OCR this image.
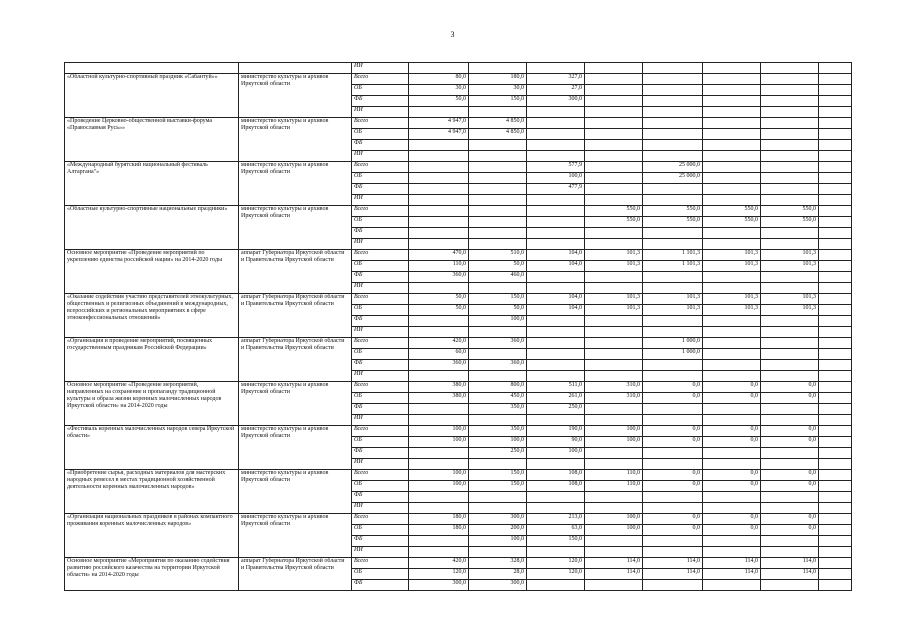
3
		ИИ								
«Областной культурно-спортивный праздник «Сабантуй»»	министерство культуры и архивов Иркутской области	Всего	80,0	180,0	327,0					
		ОБ	30,0	30,0	27,0					
		ФБ	50,0	150,0	300,0					
		ИИ								
«Проведение Церковно-общественной выставки-форума «Православная Русь»»	министерство культуры и архивов Иркутской области	Всего	4 947,0	4 850,0						
		ОБ	4 947,0	4 850,0						
		ФБ								
		ИИ								
«Международный бурятский национальный фестиваль Алтаргана"»	министерство культуры и архивов Иркутской области	Всего			577,9		25 000,0			
		ОБ			100,0		25 000,0			
		ФБ			477,9					
		ИИ								
«Областные культурно-спортивные национальные праздники»	министерство культуры и архивов Иркутской области	Всего				550,0	550,0	550,0	550,0	
		ОБ				550,0	550,0	550,0	550,0	
		ФБ								
		ИИ								
Основное мероприятие «Проведение мероприятий по укреплению единства российской нации» на 2014-2020 годы	аппарат Губернатора Иркутской области и Правительства Иркутской области	Всего	470,0	510,0	104,0	101,3	1 101,3	101,3	101,3	
		ОБ	110,0	50,0	104,0	101,3	1 101,3	101,3	101,3	
		ФБ	360,0	460,0						
		ИИ								
«Оказание содействия участию представителей этнокультурных, общественных и религиозных объединений в международных, всероссийских и региональных мероприятиях в сфере этноконфессиональных отношений»	аппарат Губернатора Иркутской области и Правительства Иркутской области	Всего	50,0	150,0	104,0	101,3	101,3	101,3	101,3	
		ОБ	50,0	50,0	104,0	101,3	101,3	101,3	101,3	
		ФБ		100,0						
		ИИ								
«Организация и проведение мероприятий, посвященных государственным праздникам Российской Федерации»	аппарат Губернатора Иркутской области и Правительства Иркутской области	Всего	420,0	360,0			1 000,0			
		ОБ	60,0				1 000,0			
		ФБ	360,0	360,0						
		ИИ								
Основное мероприятие «Проведение мероприятий, направленных на сохранение и пропаганду традиционной культуры и образа жизни коренных малочисленных народов Иркутской области» на 2014-2020 годы	министерство культуры и архивов Иркутской области	Всего	380,0	800,0	511,0	310,0	0,0	0,0	0,0	
		ОБ	380,0	450,0	261,0	310,0	0,0	0,0	0,0	
		ФБ		350,0	250,0					
		ИИ								
«Фестиваль коренных малочисленных народов севера Иркутской области»	министерство культуры и архивов Иркутской области	Всего	100,0	350,0	190,0	100,0	0,0	0,0	0,0	
		ОБ	100,0	100,0	90,0	100,0	0,0	0,0	0,0	
		ФБ		250,0	100,0					
		ИИ								
«Приобретение сырья, расходных материалов для мастерских народных ремесел в местах традиционной хозяйственной деятельности коренных малочисленных народов»	министерство культуры и архивов Иркутской области	Всего	100,0	150,0	108,0	110,0	0,0	0,0	0,0	
		ОБ	100,0	150,0	108,0	110,0	0,0	0,0	0,0	
		ФБ								
		ИИ								
«Организация национальных праздников в районах компактного проживания коренных малочисленных народов»	министерство культуры и архивов Иркутской области	Всего	180,0	300,0	213,0	100,0	0,0	0,0	0,0	
		ОБ	180,0	200,0	63,0	100,0	0,0	0,0	0,0	
		ФБ		100,0	150,0					
		ИИ								
Основное мероприятие «Мероприятия по оказанию содействия развитию российского казачества на территории Иркутской области» на 2014-2020 годы	аппарат Губернатора Иркутской области и Правительства Иркутской области	Всего	420,0	328,0	120,0	114,0	114,0	114,0	114,0	
		ОБ	120,0	28,0	120,0	114,0	114,0	114,0	114,0	
		ФБ	300,0	300,0						
